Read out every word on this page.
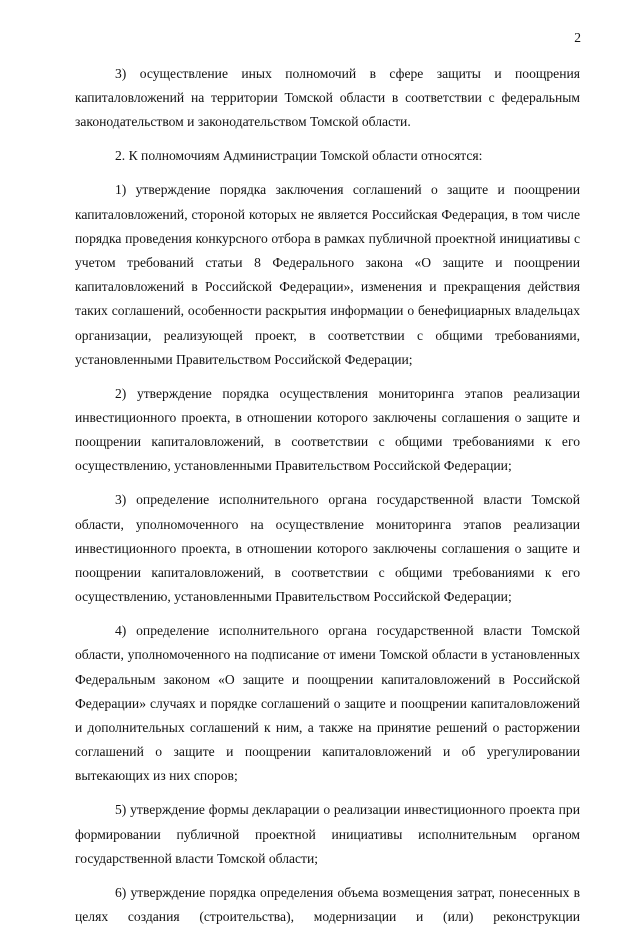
2

3) осуществление иных полномочий в сфере защиты и поощрения капиталовложений на территории Томской области в соответствии с федеральным законодательством и законодательством Томской области.

2. К полномочиям Администрации Томской области относятся:

1) утверждение порядка заключения соглашений о защите и поощрении капиталовложений, стороной которых не является Российская Федерация, в том числе порядка проведения конкурсного отбора в рамках публичной проектной инициативы с учетом требований статьи 8 Федерального закона «О защите и поощрении капиталовложений в Российской Федерации», изменения и прекращения действия таких соглашений, особенности раскрытия информации о бенефициарных владельцах организации, реализующей проект, в соответствии с общими требованиями, установленными Правительством Российской Федерации;

2) утверждение порядка осуществления мониторинга этапов реализации инвестиционного проекта, в отношении которого заключены соглашения о защите и поощрении капиталовложений, в соответствии с общими требованиями к его осуществлению, установленными Правительством Российской Федерации;

3) определение исполнительного органа государственной власти Томской области, уполномоченного на осуществление мониторинга этапов реализации инвестиционного проекта, в отношении которого заключены соглашения о защите и поощрении капиталовложений, в соответствии с общими требованиями к его осуществлению, установленными Правительством Российской Федерации;

4) определение исполнительного органа государственной власти Томской области, уполномоченного на подписание от имени Томской области в установленных Федеральным законом «О защите и поощрении капиталовложений в Российской Федерации» случаях и порядке соглашений о защите и поощрении капиталовложений и дополнительных соглашений к ним, а также на принятие решений о расторжении соглашений о защите и поощрении капиталовложений и об урегулировании вытекающих из них споров;

5) утверждение формы декларации о реализации инвестиционного проекта при формировании публичной проектной инициативы исполнительным органом государственной власти Томской области;

6) утверждение порядка определения объема возмещения затрат, понесенных в целях создания (строительства), модернизации и (или) реконструкции
